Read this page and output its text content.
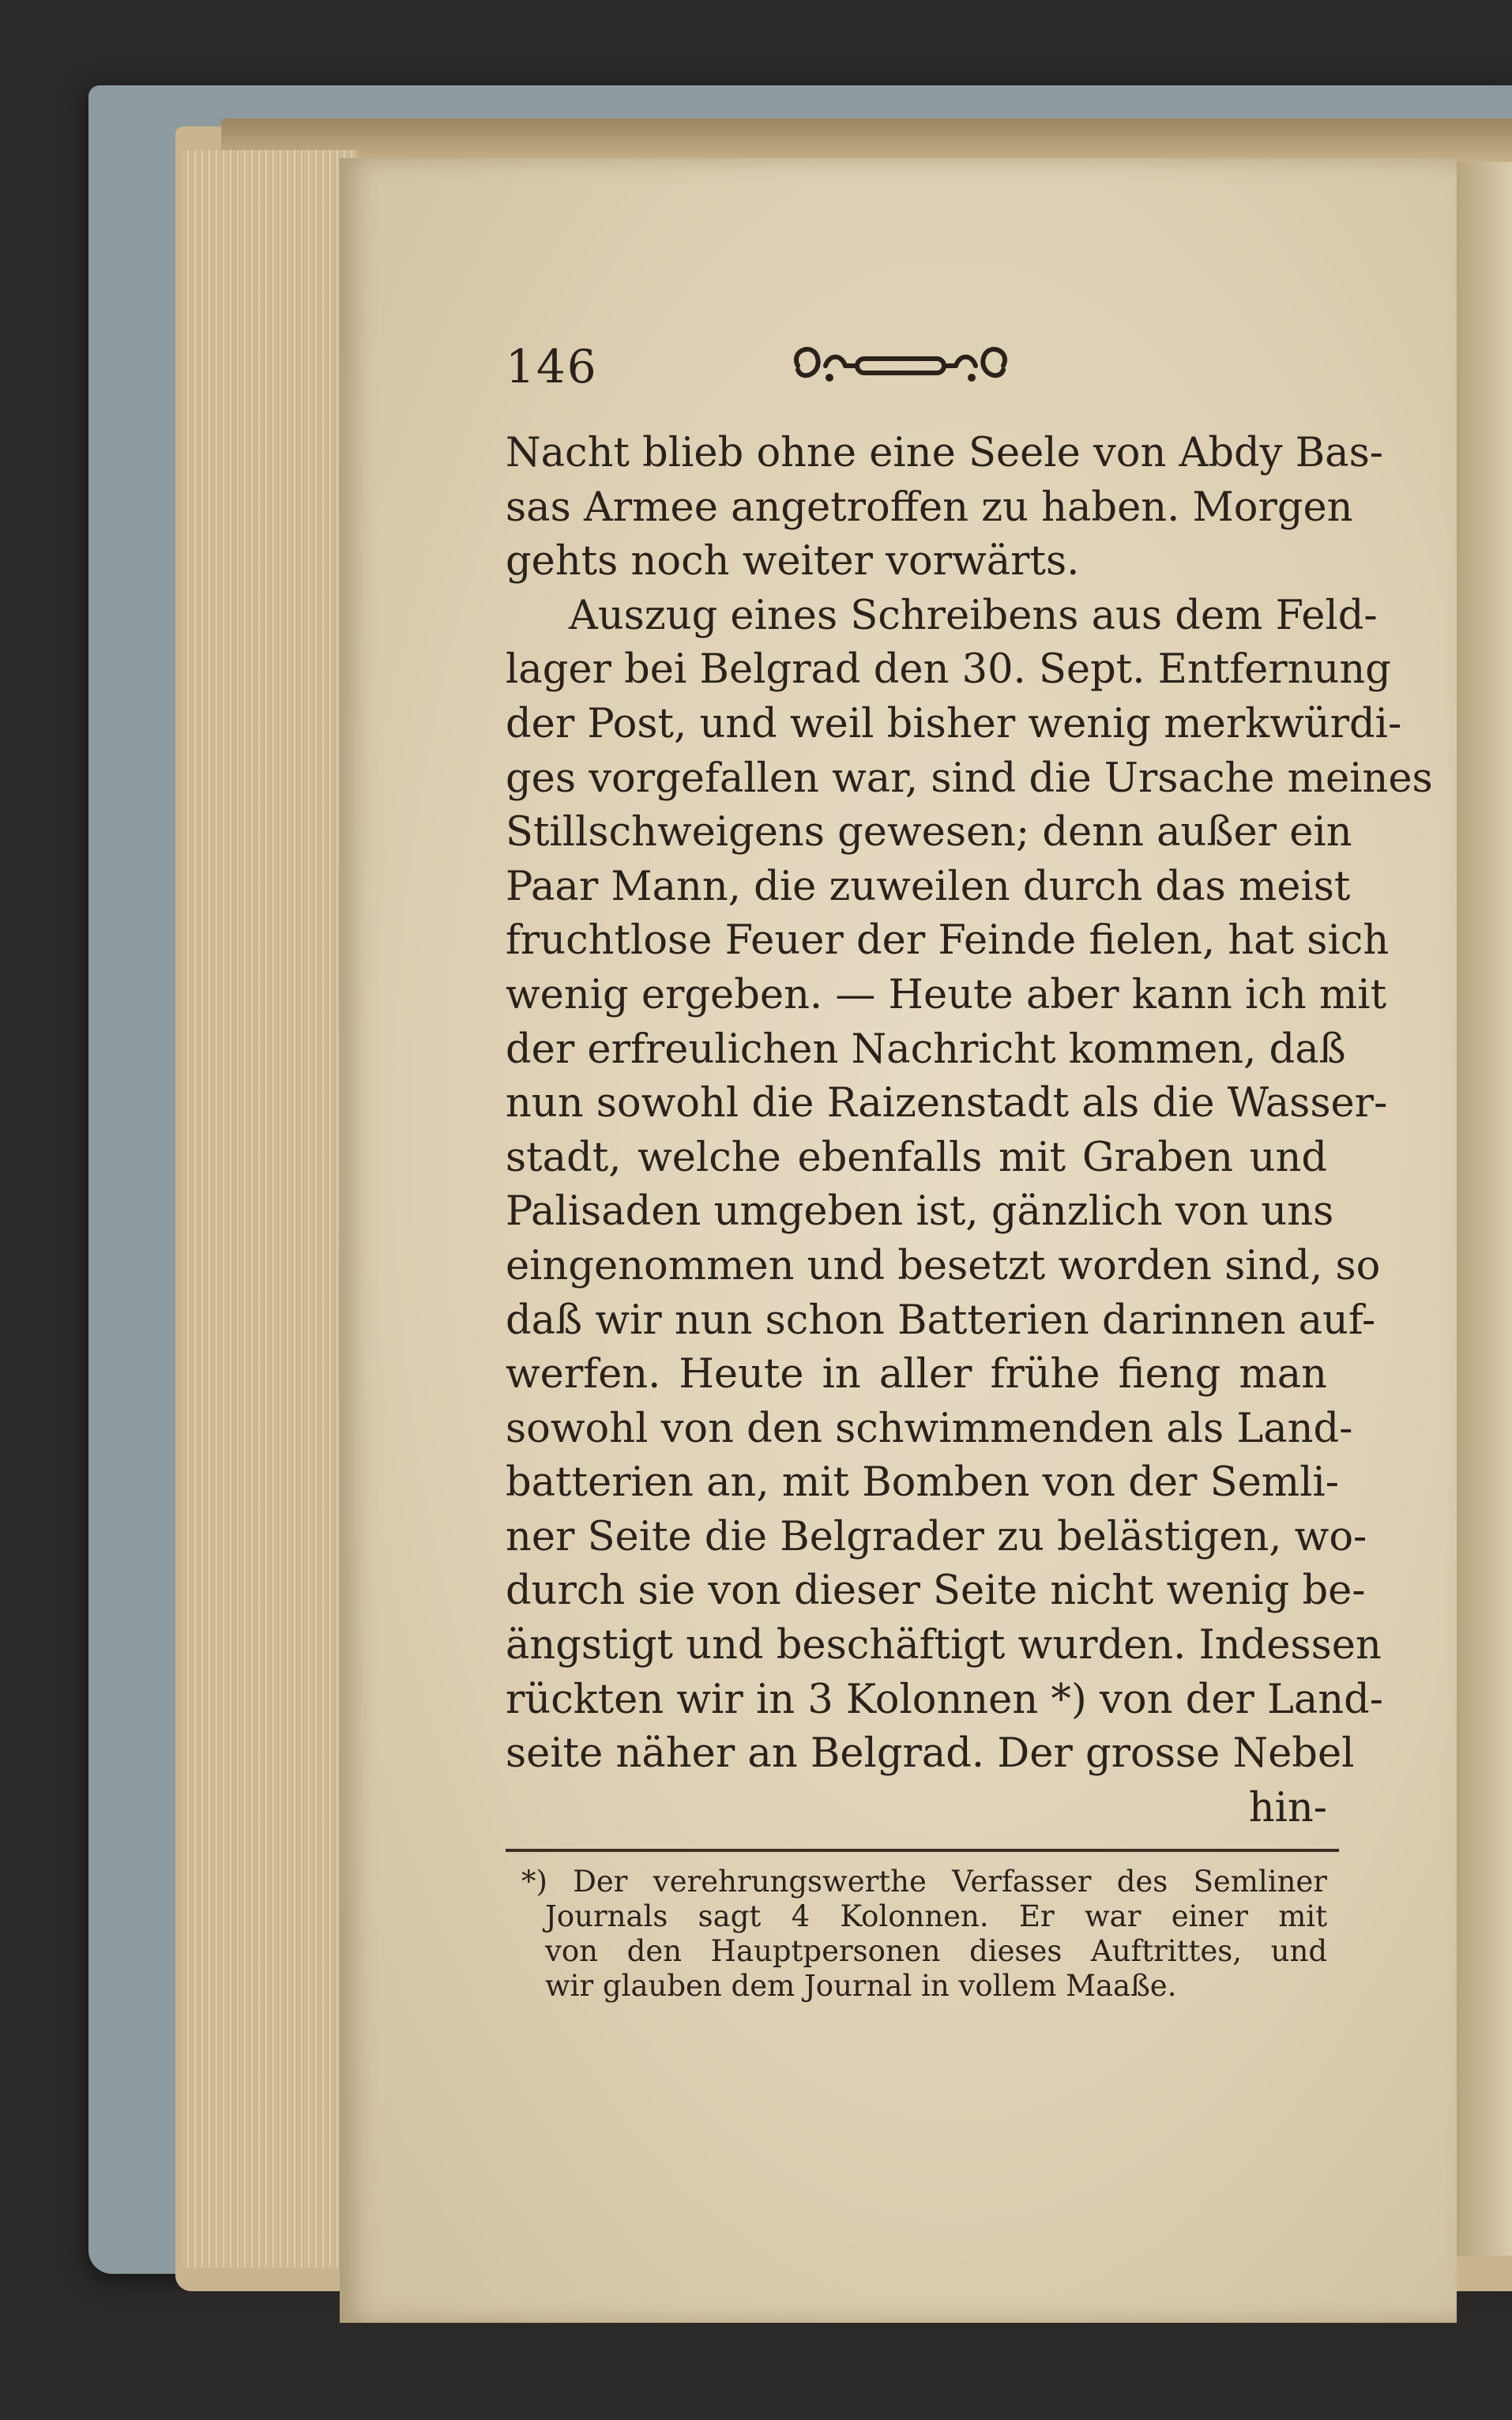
146
Nacht blieb ohne eine Seele von Abdy Bas-
sas Armee angetroffen zu haben. Morgen
gehts noch weiter vorwärts.
Auszug eines Schreibens aus dem Feld-
lager bei Belgrad den 30. Sept. Entfernung
der Post, und weil bisher wenig merkwürdi-
ges vorgefallen war, sind die Ursache meines
Stillschweigens gewesen; denn außer ein
Paar Mann, die zuweilen durch das meist
fruchtlose Feuer der Feinde fielen, hat sich
wenig ergeben. — Heute aber kann ich mit
der erfreulichen Nachricht kommen, daß
nun sowohl die Raizenstadt als die Wasser-
stadt, welche ebenfalls mit Graben und
Palisaden umgeben ist, gänzlich von uns
eingenommen und besetzt worden sind, so
daß wir nun schon Batterien darinnen auf-
werfen. Heute in aller frühe fieng man
sowohl von den schwimmenden als Land-
batterien an, mit Bomben von der Semli-
ner Seite die Belgrader zu belästigen, wo-
durch sie von dieser Seite nicht wenig be-
ängstigt und beschäftigt wurden. Indessen
rückten wir in 3 Kolonnen *) von der Land-
seite näher an Belgrad. Der grosse Nebel
hin-
*) Der verehrungswerthe Verfasser des Semliner
Journals sagt 4 Kolonnen. Er war einer mit
von den Hauptpersonen dieses Auftrittes, und
wir glauben dem Journal in vollem Maaße.
